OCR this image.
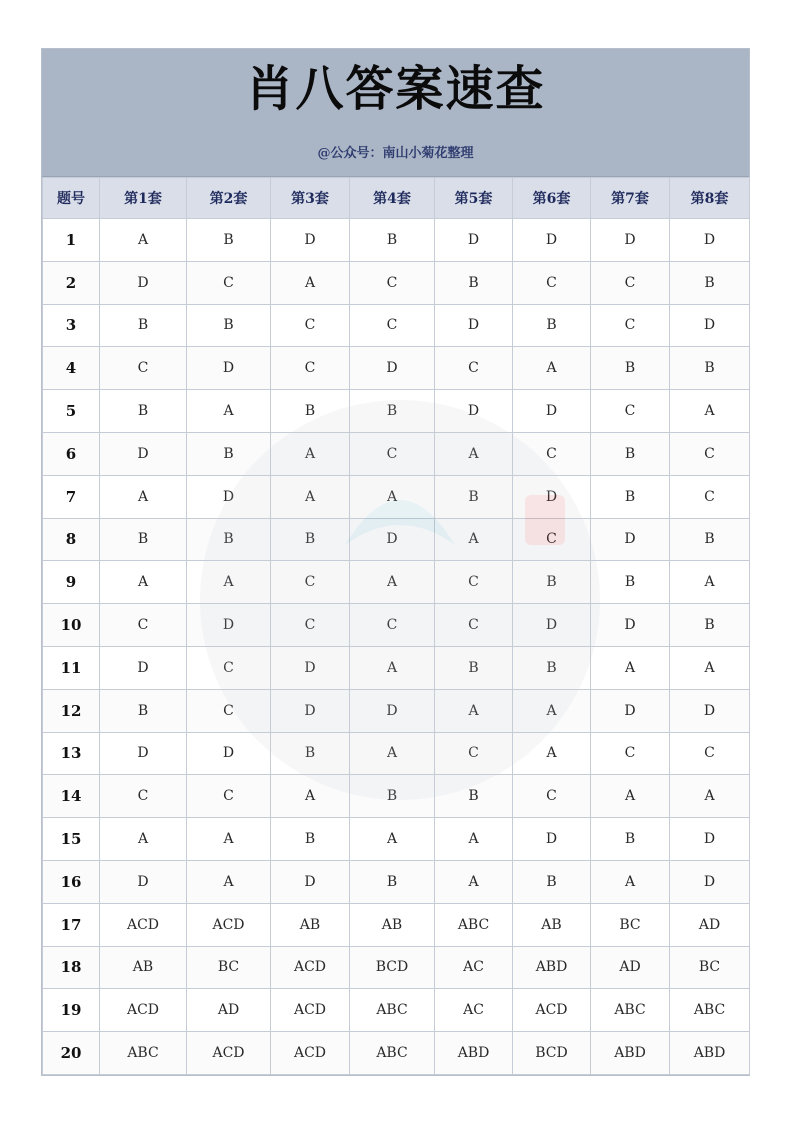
肖八答案速查
@公众号：南山小菊花整理
题号	第1套	第2套	第3套	第4套	第5套	第6套	第7套	第8套
1	A	B	D	B	D	D	D	D
2	D	C	A	C	B	C	C	B
3	B	B	C	C	D	B	C	D
4	C	D	C	D	C	A	B	B
5	B	A	B	B	D	D	C	A
6	D	B	A	C	A	C	B	C
7	A	D	A	A	B	D	B	C
8	B	B	B	D	A	C	D	B
9	A	A	C	A	C	B	B	A
10	C	D	C	C	C	D	D	B
11	D	C	D	A	B	B	A	A
12	B	C	D	D	A	A	D	D
13	D	D	B	A	C	A	C	C
14	C	C	A	B	B	C	A	A
15	A	A	B	A	A	D	B	D
16	D	A	D	B	A	B	A	D
17	ACD	ACD	AB	AB	ABC	AB	BC	AD
18	AB	BC	ACD	BCD	AC	ABD	AD	BC
19	ACD	AD	ACD	ABC	AC	ACD	ABC	ABC
20	ABC	ACD	ACD	ABC	ABD	BCD	ABD	ABD
